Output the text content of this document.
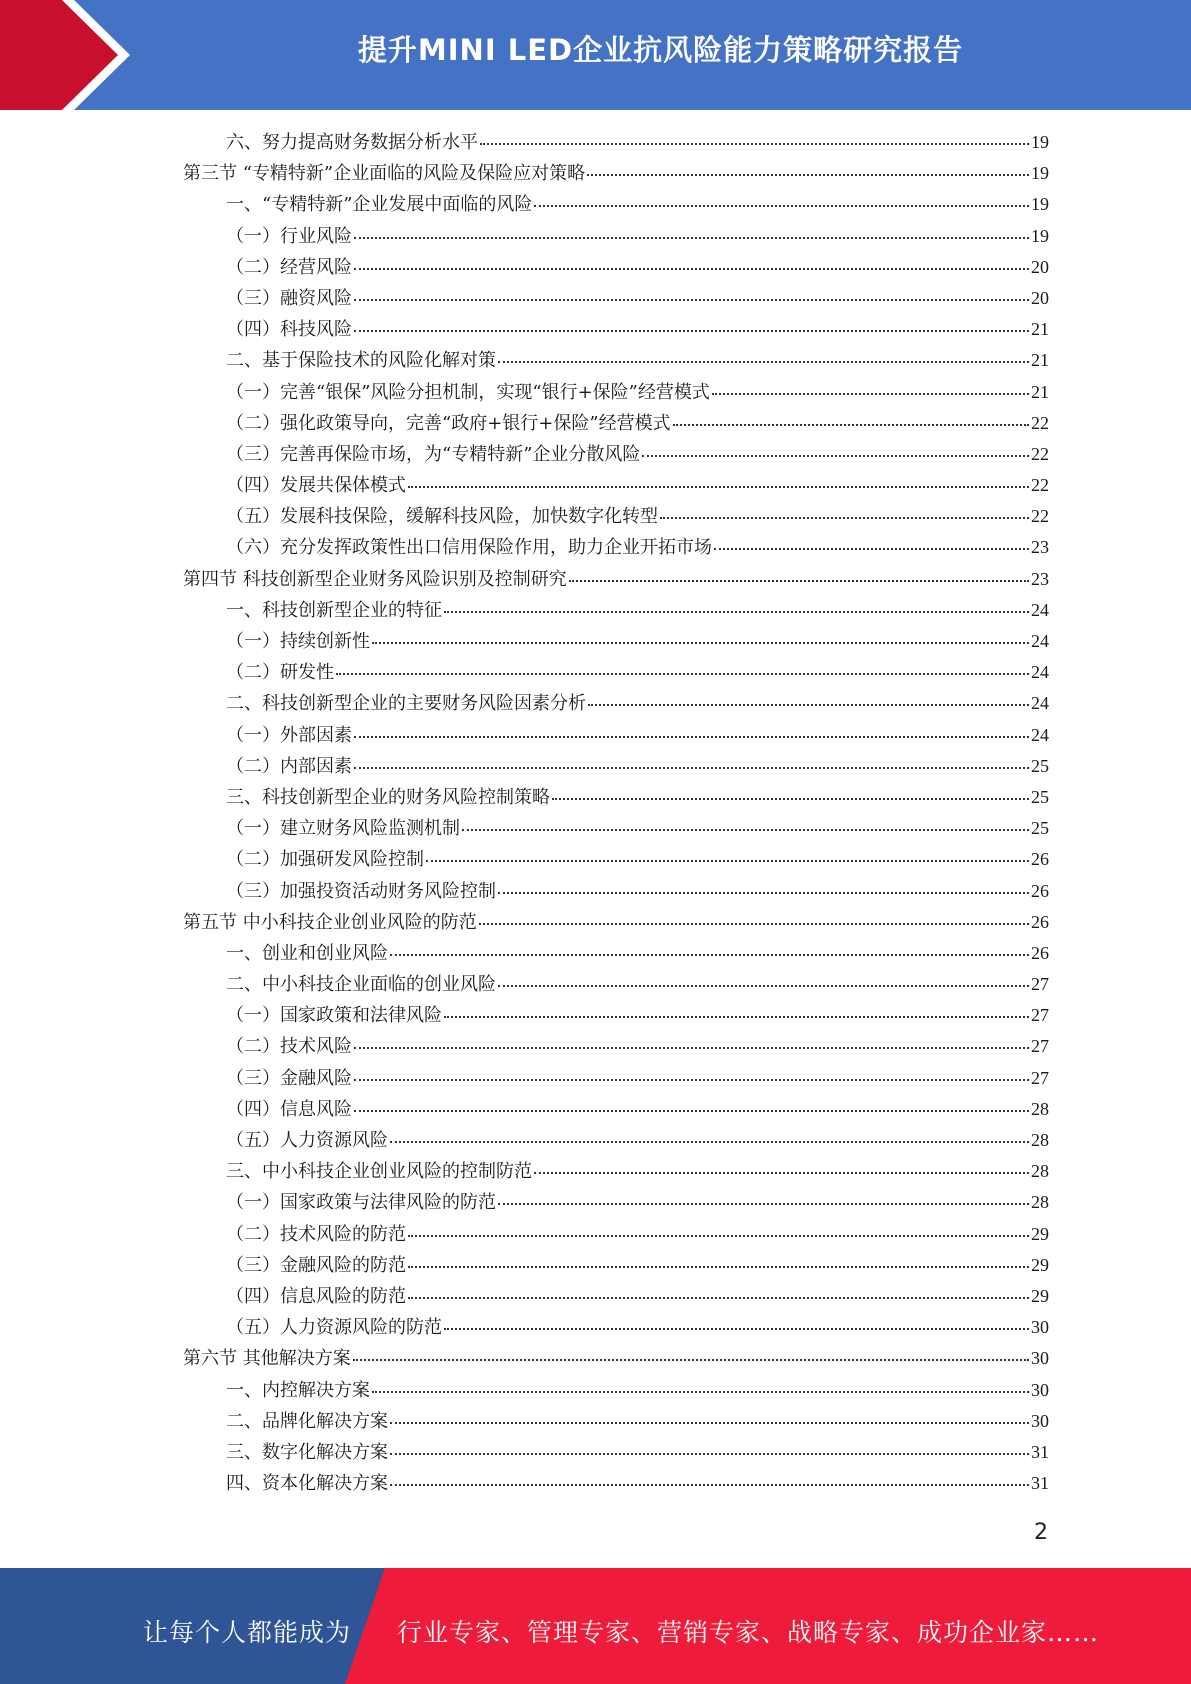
提升MINI LED企业抗风险能力策略研究报告
六、努力提高财务数据分析水平	19
第三节 “专精特新”企业面临的风险及保险应对策略	19
一、“专精特新”企业发展中面临的风险	19
（一）行业风险	19
（二）经营风险	20
（三）融资风险	20
（四）科技风险	21
二、基于保险技术的风险化解对策	21
（一）完善“银保”风险分担机制，实现“银行+保险”经营模式	21
（二）强化政策导向，完善“政府+银行+保险”经营模式	22
（三）完善再保险市场，为“专精特新”企业分散风险	22
（四）发展共保体模式	22
（五）发展科技保险，缓解科技风险，加快数字化转型	22
（六）充分发挥政策性出口信用保险作用，助力企业开拓市场	23
第四节 科技创新型企业财务风险识别及控制研究	23
一、科技创新型企业的特征	24
（一）持续创新性	24
（二）研发性	24
二、科技创新型企业的主要财务风险因素分析	24
（一）外部因素	24
（二）内部因素	25
三、科技创新型企业的财务风险控制策略	25
（一）建立财务风险监测机制	25
（二）加强研发风险控制	26
（三）加强投资活动财务风险控制	26
第五节 中小科技企业创业风险的防范	26
一、创业和创业风险	26
二、中小科技企业面临的创业风险	27
（一）国家政策和法律风险	27
（二）技术风险	27
（三）金融风险	27
（四）信息风险	28
（五）人力资源风险	28
三、中小科技企业创业风险的控制防范	28
（一）国家政策与法律风险的防范	28
（二）技术风险的防范	29
（三）金融风险的防范	29
（四）信息风险的防范	29
（五）人力资源风险的防范	30
第六节 其他解决方案	30
一、内控解决方案	30
二、品牌化解决方案	30
三、数字化解决方案	31
四、资本化解决方案	31
2
让每个人都能成为 行业专家、管理专家、营销专家、战略专家、成功企业家……
